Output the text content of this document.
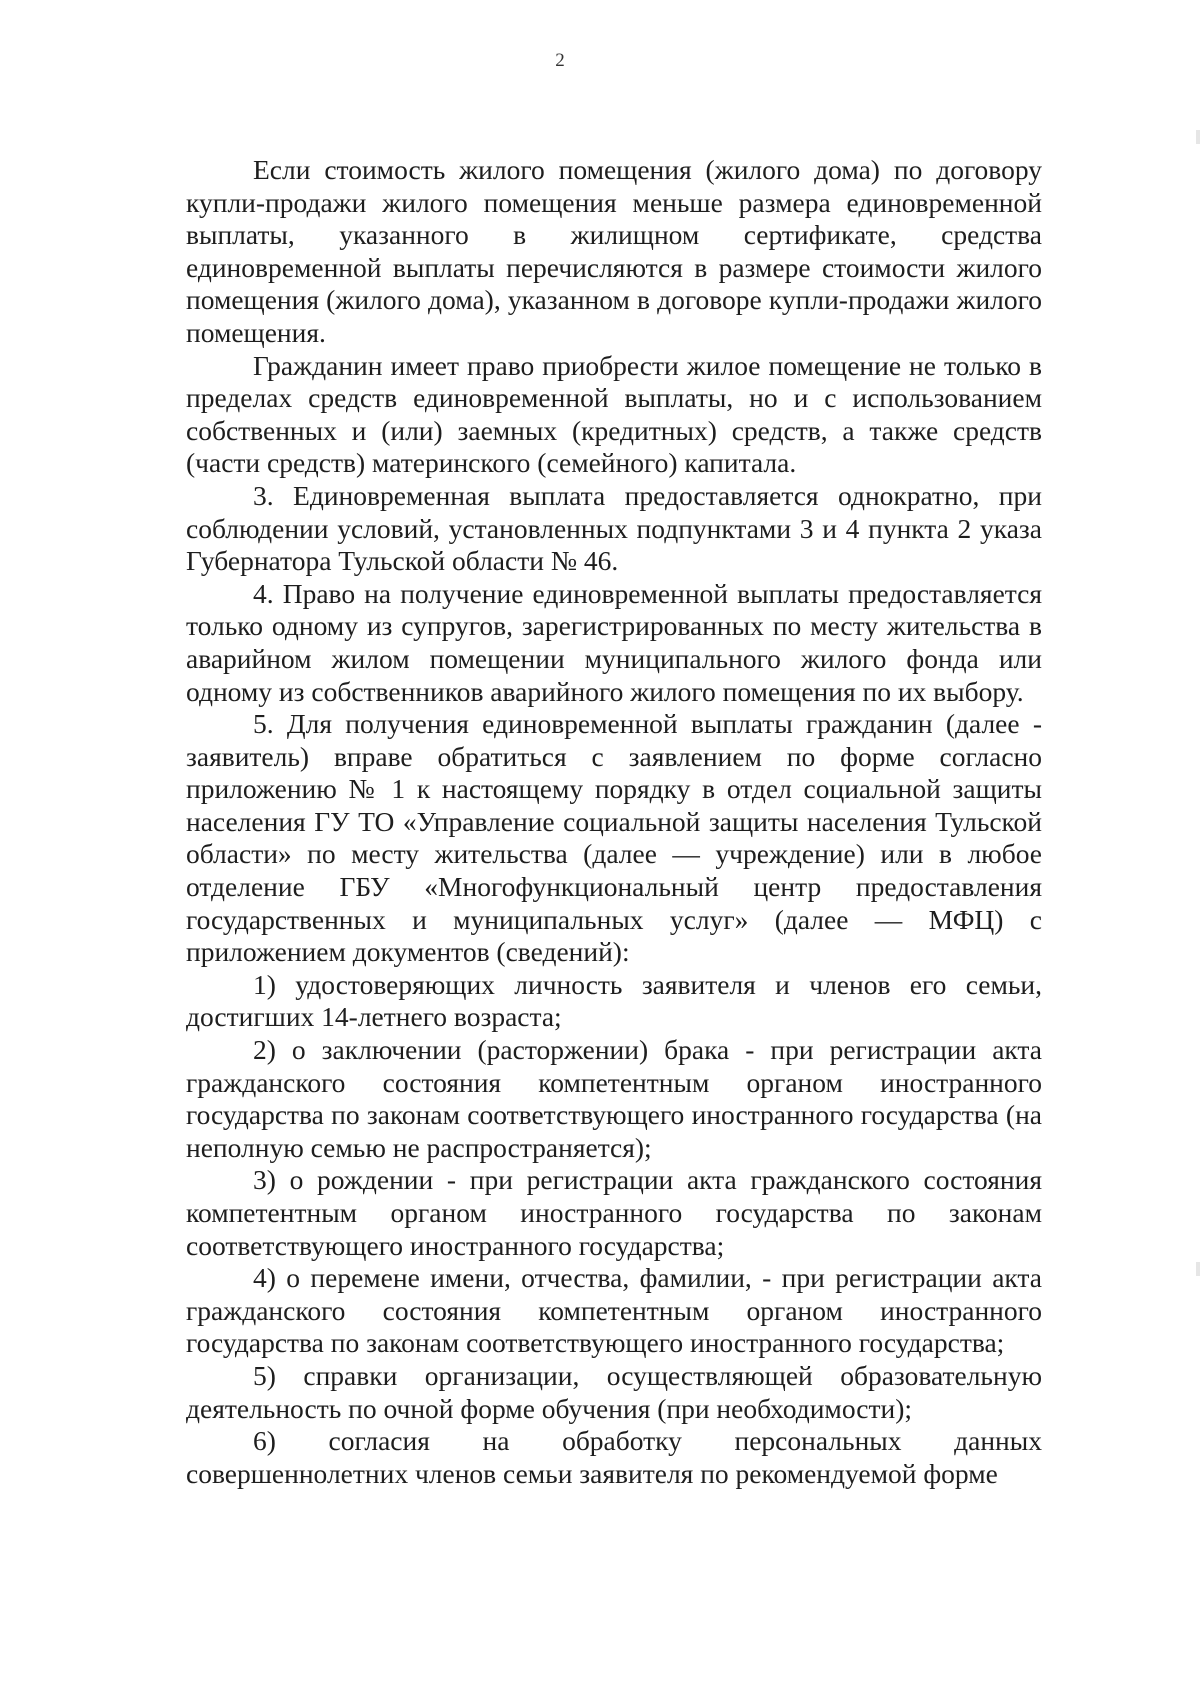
2

Если стоимость жилого помещения (жилого дома) по договору купли-продажи жилого помещения меньше размера единовременной выплаты, указанного в жилищном сертификате, средства единовременной выплаты перечисляются в размере стоимости жилого помещения (жилого дома), указанном в договоре купли-продажи жилого помещения.

Гражданин имеет право приобрести жилое помещение не только в пределах средств единовременной выплаты, но и с использованием собственных и (или) заемных (кредитных) средств, а также средств (части средств) материнского (семейного) капитала.

3. Единовременная выплата предоставляется однократно, при соблюдении условий, установленных подпунктами 3 и 4 пункта 2 указа Губернатора Тульской области № 46.

4. Право на получение единовременной выплаты предоставляется только одному из супругов, зарегистрированных по месту жительства в аварийном жилом помещении муниципального жилого фонда или одному из собственников аварийного жилого помещения по их выбору.

5. Для получения единовременной выплаты гражданин (далее - заявитель) вправе обратиться с заявлением по форме согласно приложению № 1 к настоящему порядку в отдел социальной защиты населения ГУ ТО «Управление социальной защиты населения Тульской области» по месту жительства (далее — учреждение) или в любое отделение ГБУ «Многофункциональный центр предоставления государственных и муниципальных услуг» (далее — МФЦ) с приложением документов (сведений):

1) удостоверяющих личность заявителя и членов его семьи, достигших 14-летнего возраста;

2) о заключении (расторжении) брака - при регистрации акта гражданского состояния компетентным органом иностранного государства по законам соответствующего иностранного государства (на неполную семью не распространяется);

3) о рождении - при регистрации акта гражданского состояния компетентным органом иностранного государства по законам соответствующего иностранного государства;

4) о перемене имени, отчества, фамилии, - при регистрации акта гражданского состояния компетентным органом иностранного государства по законам соответствующего иностранного государства;

5) справки организации, осуществляющей образовательную деятельность по очной форме обучения (при необходимости);

6) согласия на обработку персональных данных совершеннолетних членов семьи заявителя по рекомендуемой форме
